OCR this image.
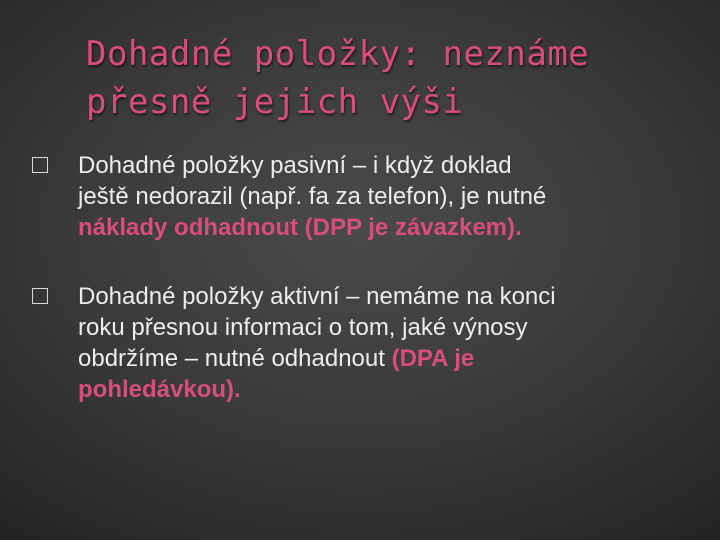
Dohadné položky: neznáme
přesně jejich výši
Dohadné položky pasivní – i když doklad
ještě nedorazil (např. fa za telefon), je nutné
náklady odhadnout (DPP je závazkem).
Dohadné položky aktivní – nemáme na konci
roku přesnou informaci o tom, jaké výnosy
obdržíme – nutné odhadnout (DPA je
pohledávkou).
